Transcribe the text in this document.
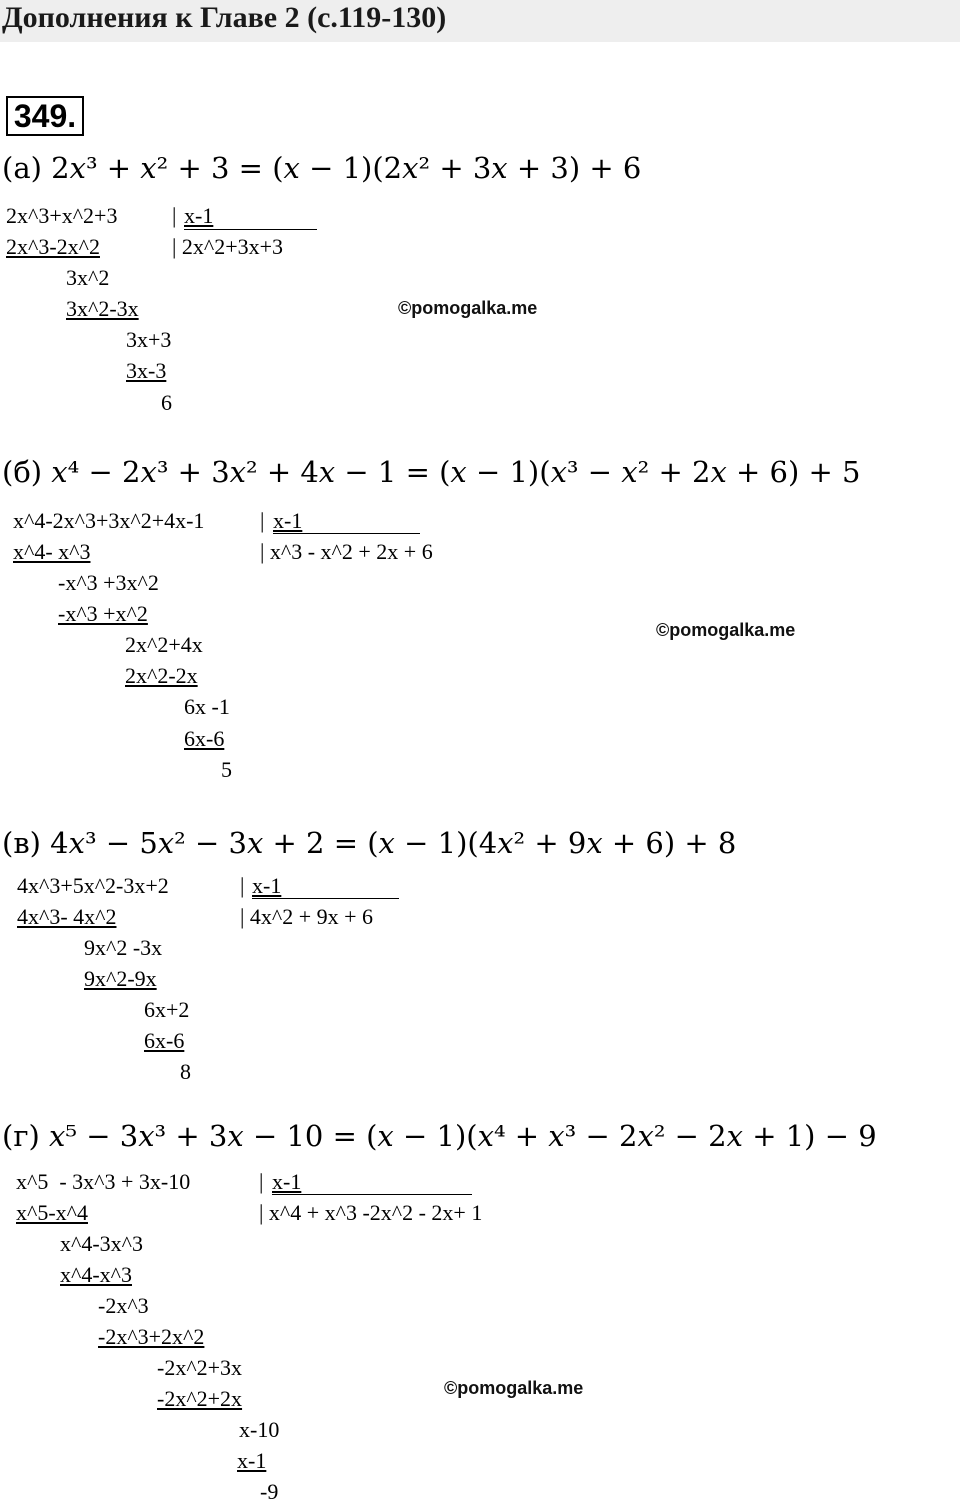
Дополнения к Главе 2 (с.119-130)
349.
(а) 2𝑥³ + 𝑥² + 3 = (𝑥 − 1)(2𝑥² + 3𝑥 + 3) + 6
2x^3+x^2+3 | x-1
| 2x^2+3x+3
2x^3-2x^2
3x^2
3x^2-3x
3x+3
3x-3
6
©pomogalka.me
(б) 𝑥⁴ − 2𝑥³ + 3𝑥² + 4𝑥 − 1 = (𝑥 − 1)(𝑥³ − 𝑥² + 2𝑥 + 6) + 5
x^4-2x^3+3x^2+4x-1	| x-1
| x^3 - x^2 + 2x + 6
x^4- x^3
-x^3 +3x^2
-x^3 +x^2
2x^2+4x
2x^2-2x
6x -1
6x-6
5
©pomogalka.me
(в) 4𝑥³ − 5𝑥² − 3𝑥 + 2 = (𝑥 − 1)(4𝑥² + 9𝑥 + 6) + 8
4x^3+5x^2-3x+2	| x-1
| 4x^2 + 9x + 6
4x^3- 4x^2
9x^2 -3x
9x^2-9x
6x+2
6x-6
8
(г) 𝑥⁵ − 3𝑥³ + 3𝑥 − 10 = (𝑥 − 1)(𝑥⁴ + 𝑥³ − 2𝑥² − 2𝑥 + 1) − 9
x^5  - 3x^3 + 3x-10	| x-1
| x^4 + x^3 -2x^2 - 2x+ 1
x^5-x^4
x^4-3x^3
x^4-x^3
-2x^3
-2x^3+2x^2
-2x^2+3x
-2x^2+2x
x-10
x-1
-9
©pomogalka.me
